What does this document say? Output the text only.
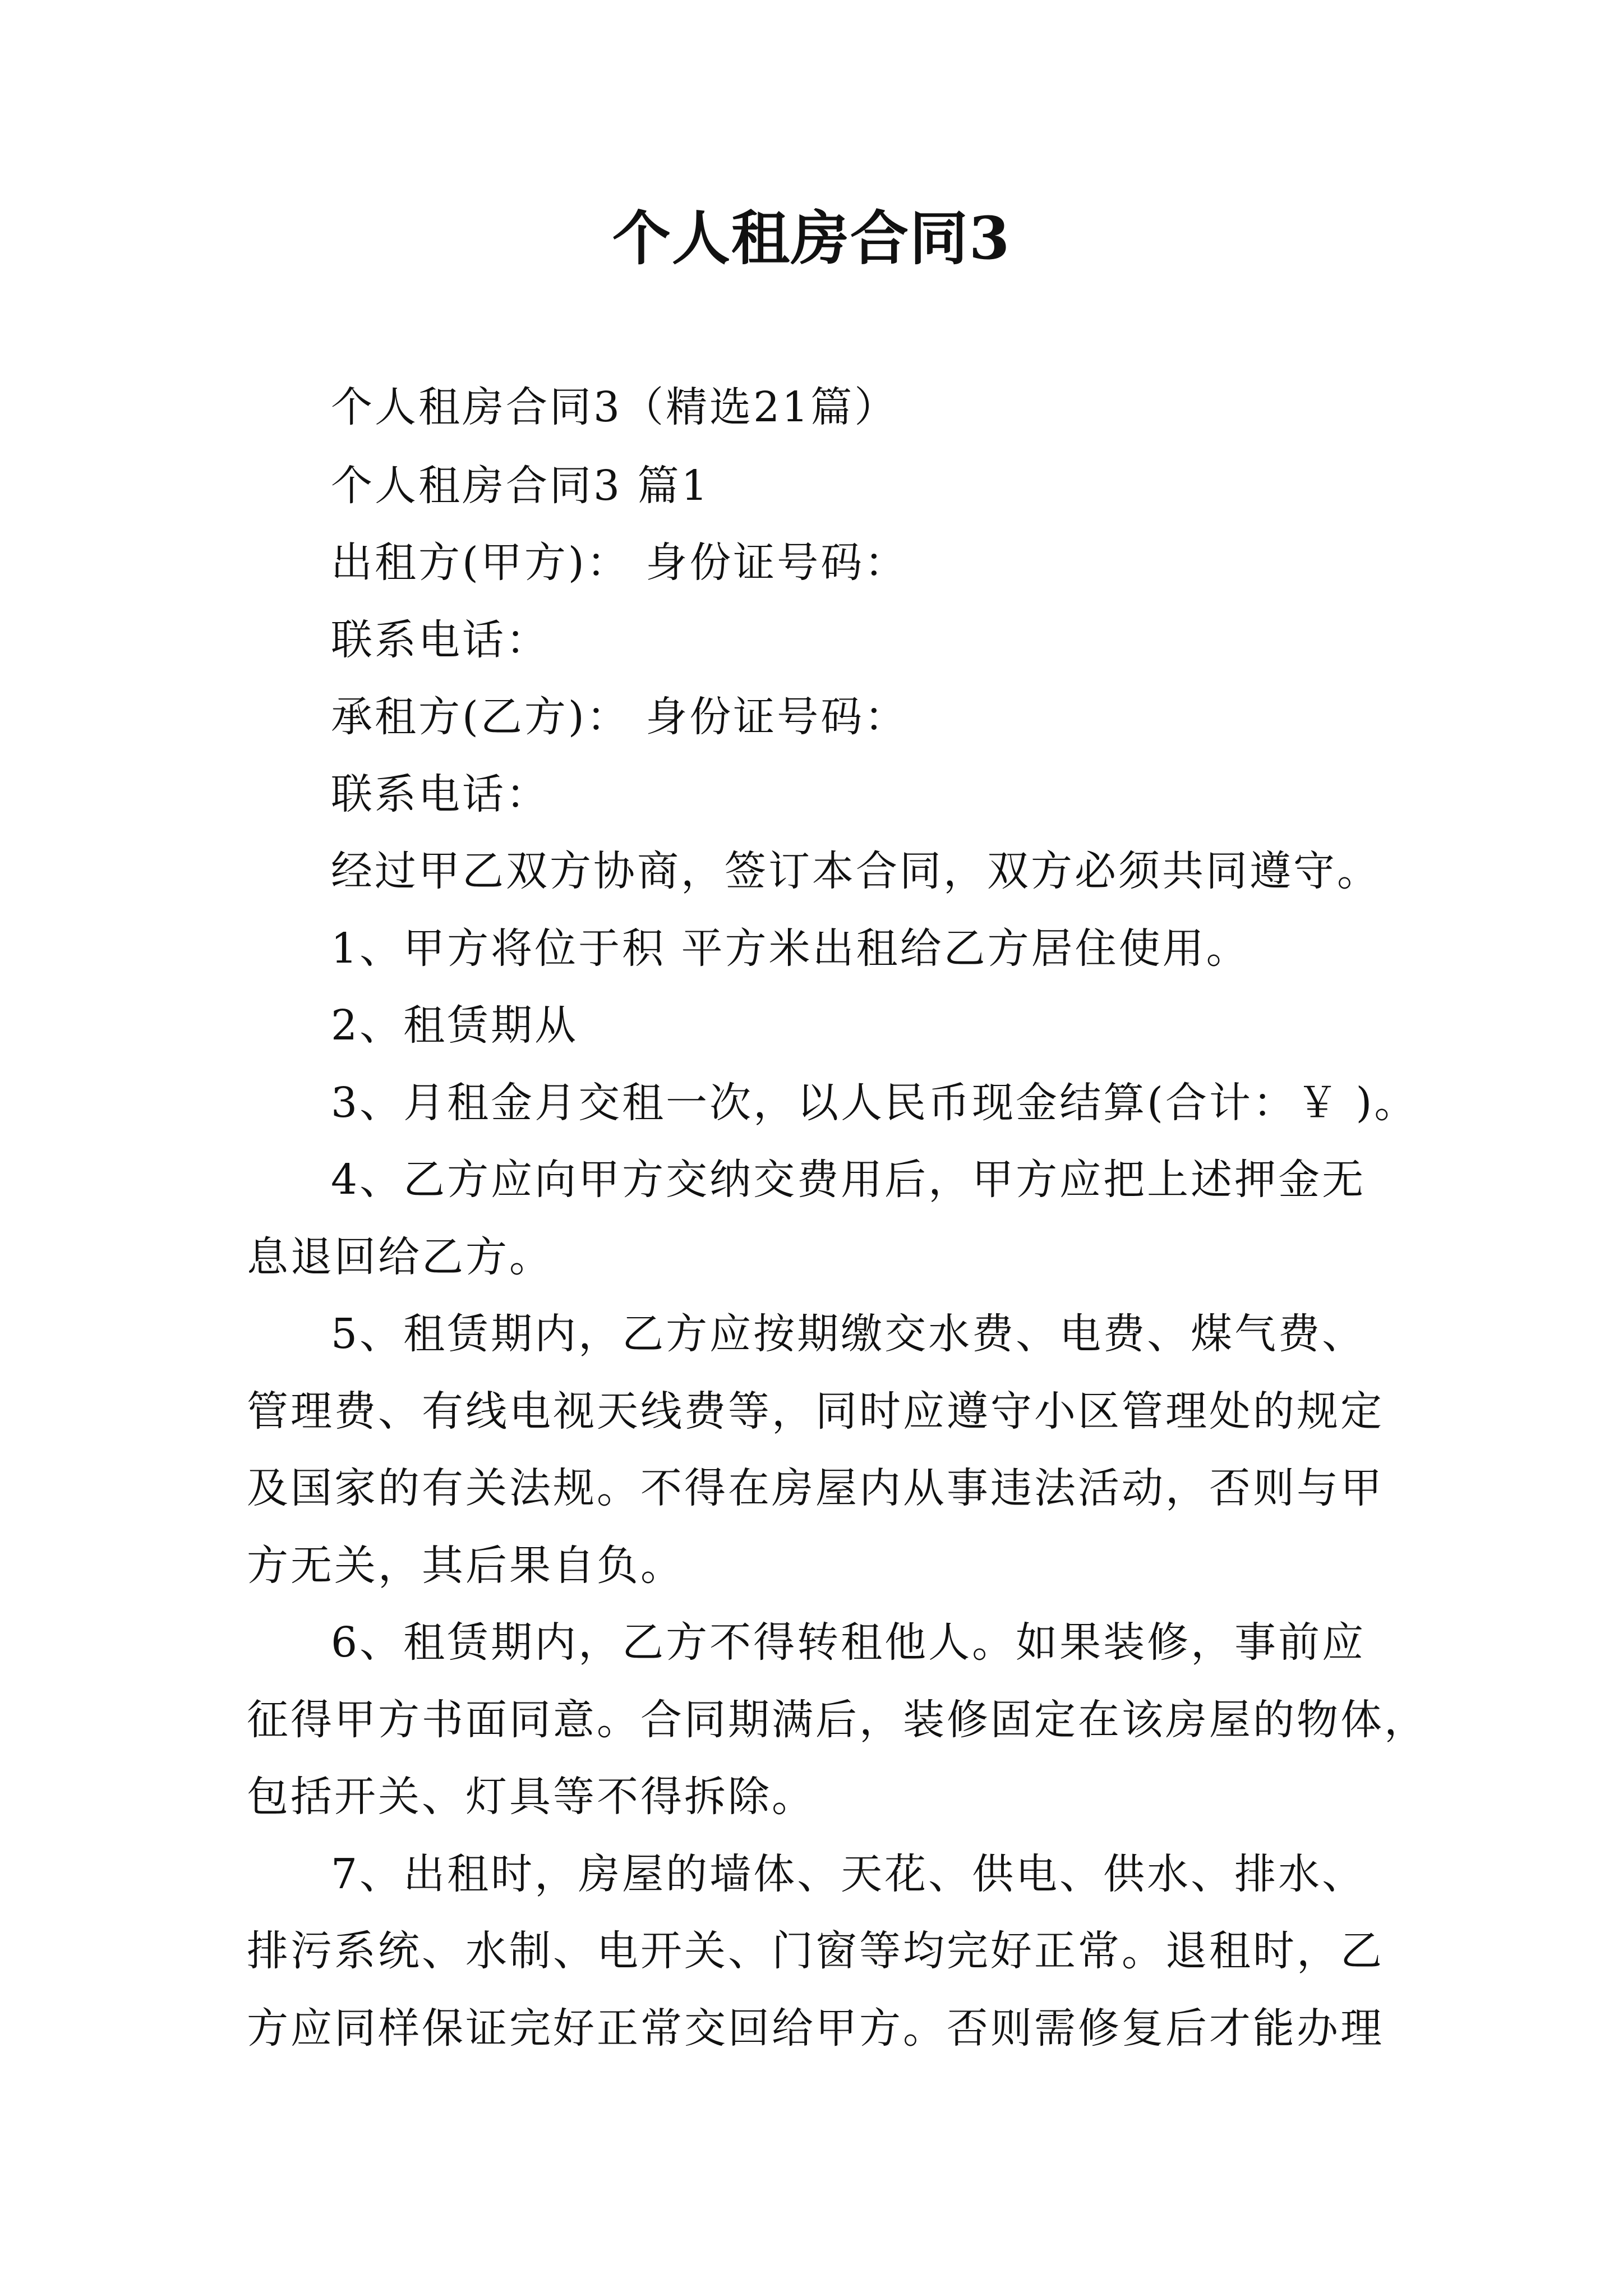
个人租房合同3
个人租房合同3（精选21篇）
个人租房合同3 篇1
出租方(甲方)： 身份证号码：
联系电话：
承租方(乙方)： 身份证号码：
联系电话：
经过甲乙双方协商，签订本合同，双方必须共同遵守。
1、甲方将位于积 平方米出租给乙方居住使用。
2、租赁期从
3、月租金月交租一次，以人民币现金结算(合计：￥ )。
4、乙方应向甲方交纳交费用后，甲方应把上述押金无
息退回给乙方。
5、租赁期内，乙方应按期缴交水费、电费、煤气费、
管理费、有线电视天线费等，同时应遵守小区管理处的规定
及国家的有关法规。不得在房屋内从事违法活动，否则与甲
方无关，其后果自负。
6、租赁期内，乙方不得转租他人。如果装修，事前应
征得甲方书面同意。合同期满后，装修固定在该房屋的物体，
包括开关、灯具等不得拆除。
7、出租时，房屋的墙体、天花、供电、供水、排水、
排污系统、水制、电开关、门窗等均完好正常。退租时，乙
方应同样保证完好正常交回给甲方。否则需修复后才能办理
